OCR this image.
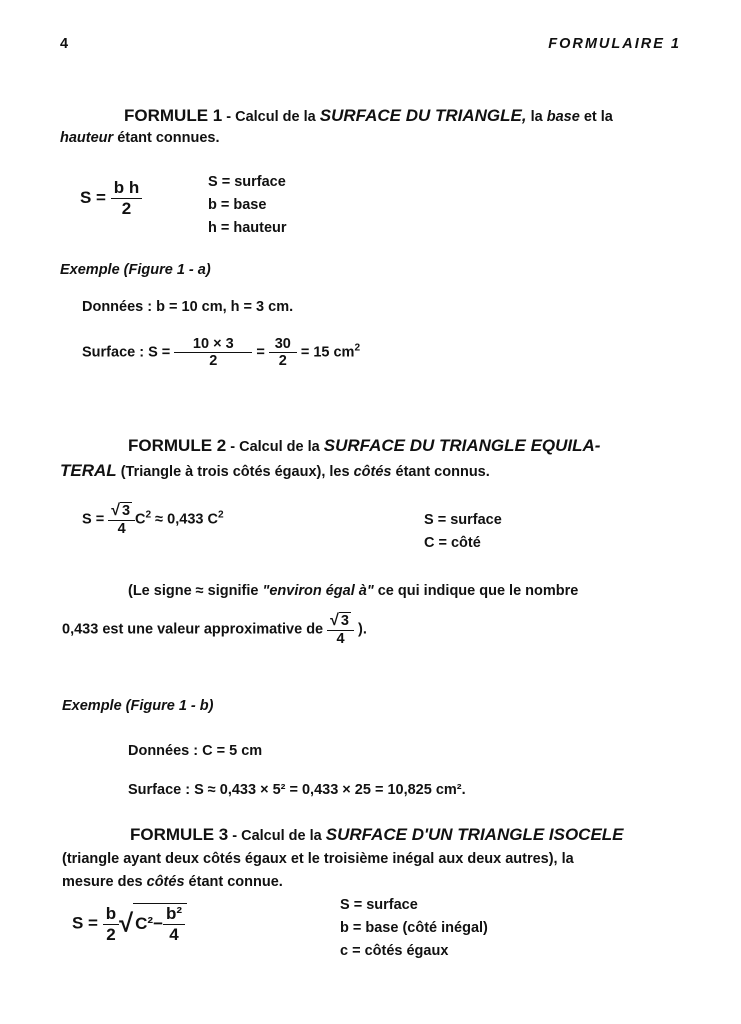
4	FORMULAIRE 1
FORMULE 1 - Calcul de la SURFACE DU TRIANGLE, la base et la
hauteur étant connues.
$S = \frac{\text{b h}}{2}$	S = surface
b = base
h = hauteur
Exemple (Figure 1 - a)
Données : b = 10 cm, h = 3 cm.
Surface : $S = \frac{10 \times 3}{2} = \frac{30}{2} = 15$ $cm^2$
FORMULE 2 - Calcul de la SURFACE DU TRIANGLE EQUILA-
TERAL (Triangle à trois côtés égaux), les côtés étant connus.
$S = \frac{√ 3}{4} C^2 \approx 0,433$ $C^2$	S = surface
C = côté
(Le signe ≈ signifie "environ égal à" ce qui indique que le nombre
0,433 est une valeur approximative de $\frac{√ 3}{4}$ ).
Exemple (Figure 1 - b)
Données : C = 5 cm
Surface : S ≈ 0,433 × 5² = 0,433 × 25 = 10,825 cm².
FORMULE 3 - Calcul de la SURFACE D'UN TRIANGLE ISOCELE
(triangle ayant deux côtés égaux et le troisième inégal aux deux autres), la
mesure des côtés étant connue.
$S = \frac{b}{2}$ √ $C^2- \frac{\text{b²}}{4}$	S = surface
b = base (côté inégal)
c = côtés égaux
